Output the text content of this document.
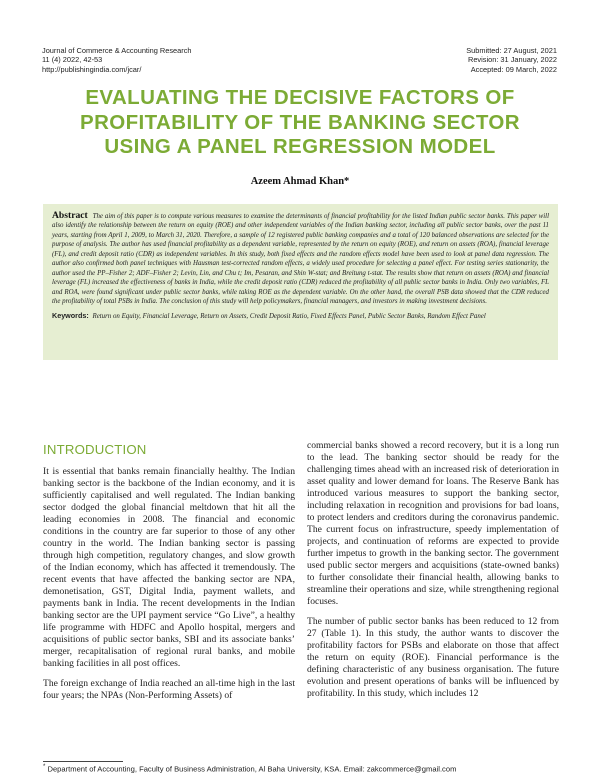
Journal of Commerce & Accounting Research
11 (4) 2022, 42-53
http://publishingindia.com/jcar/
Submitted: 27 August, 2021
Revision: 31 January, 2022
Accepted: 09 March, 2022
EVALUATING THE DECISIVE FACTORS OF
PROFITABILITY OF THE BANKING SECTOR
USING A PANEL REGRESSION MODEL
Azeem Ahmad Khan*
Abstract The aim of this paper is to compute various measures to examine the determinants of financial profitability for the listed Indian public sector banks. This paper will also identify the relationship between the return on equity (ROE) and other independent variables of the Indian banking sector, including all public sector banks, over the past 11 years, starting from April 1, 2009, to March 31, 2020. Therefore, a sample of 12 registered public banking companies and a total of 120 balanced observations are selected for the purpose of analysis. The author has used financial profitability as a dependent variable, represented by the return on equity (ROE), and return on assets (ROA), financial leverage (FL), and credit deposit ratio (CDR) as independent variables. In this study, both fixed effects and the random effects model have been used to look at panel data regression. The author also confirmed both panel techniques with Hausman test-corrected random effects, a widely used procedure for selecting a panel effect. For testing series stationarity, the author used the PP–Fisher 2; ADF–Fisher 2; Levin, Lin, and Chu t; Im, Pesaran, and Shin W-stat; and Breitung t-stat. The results show that return on assets (ROA) and financial leverage (FL) increased the effectiveness of banks in India, while the credit deposit ratio (CDR) reduced the profitability of all public sector banks in India. Only two variables, FL and ROA, were found significant under public sector banks, while taking ROE as the dependent variable. On the other hand, the overall PSB data showed that the CDR reduced the profitability of total PSBs in India. The conclusion of this study will help policymakers, financial managers, and investors in making investment decisions.
Keywords: Return on Equity, Financial Leverage, Return on Assets, Credit Deposit Ratio, Fixed Effects Panel, Public Sector Banks, Random Effect Panel
INTRODUCTION

It is essential that banks remain financially healthy. The Indian banking sector is the backbone of the Indian economy, and it is sufficiently capitalised and well regulated. The Indian banking sector dodged the global financial meltdown that hit all the leading economies in 2008. The financial and economic conditions in the country are far superior to those of any other country in the world. The Indian banking sector is passing through high competition, regulatory changes, and slow growth of the Indian economy, which has affected it tremendously. The recent events that have affected the banking sector are NPA, demonetisation, GST, Digital India, payment wallets, and payments bank in India. The recent developments in the Indian banking sector are the UPI payment service “Go Live”, a healthy life programme with HDFC and Apollo hospital, mergers and acquisitions of public sector banks, SBI and its associate banks’ merger, recapitalisation of regional rural banks, and mobile banking facilities in all post offices.

The foreign exchange of India reached an all-time high in the last four years; the NPAs (Non-Performing Assets) of

commercial banks showed a record recovery, but it is a long run to the lead. The banking sector should be ready for the challenging times ahead with an increased risk of deterioration in asset quality and lower demand for loans. The Reserve Bank has introduced various measures to support the banking sector, including relaxation in recognition and provisions for bad loans, to protect lenders and creditors during the coronavirus pandemic. The current focus on infrastructure, speedy implementation of projects, and continuation of reforms are expected to provide further impetus to growth in the banking sector. The government used public sector mergers and acquisitions (state-owned banks) to further consolidate their financial health, allowing banks to streamline their operations and size, while strengthening regional focuses.

The number of public sector banks has been reduced to 12 from 27 (Table 1). In this study, the author wants to discover the profitability factors for PSBs and elaborate on those that affect the return on equity (ROE). Financial performance is the defining characteristic of any business organisation. The future evolution and present operations of banks will be influenced by profitability. In this study, which includes 12

* Department of Accounting, Faculty of Business Administration, Al Baha University, KSA. Email: zakcommerce@gmail.com
